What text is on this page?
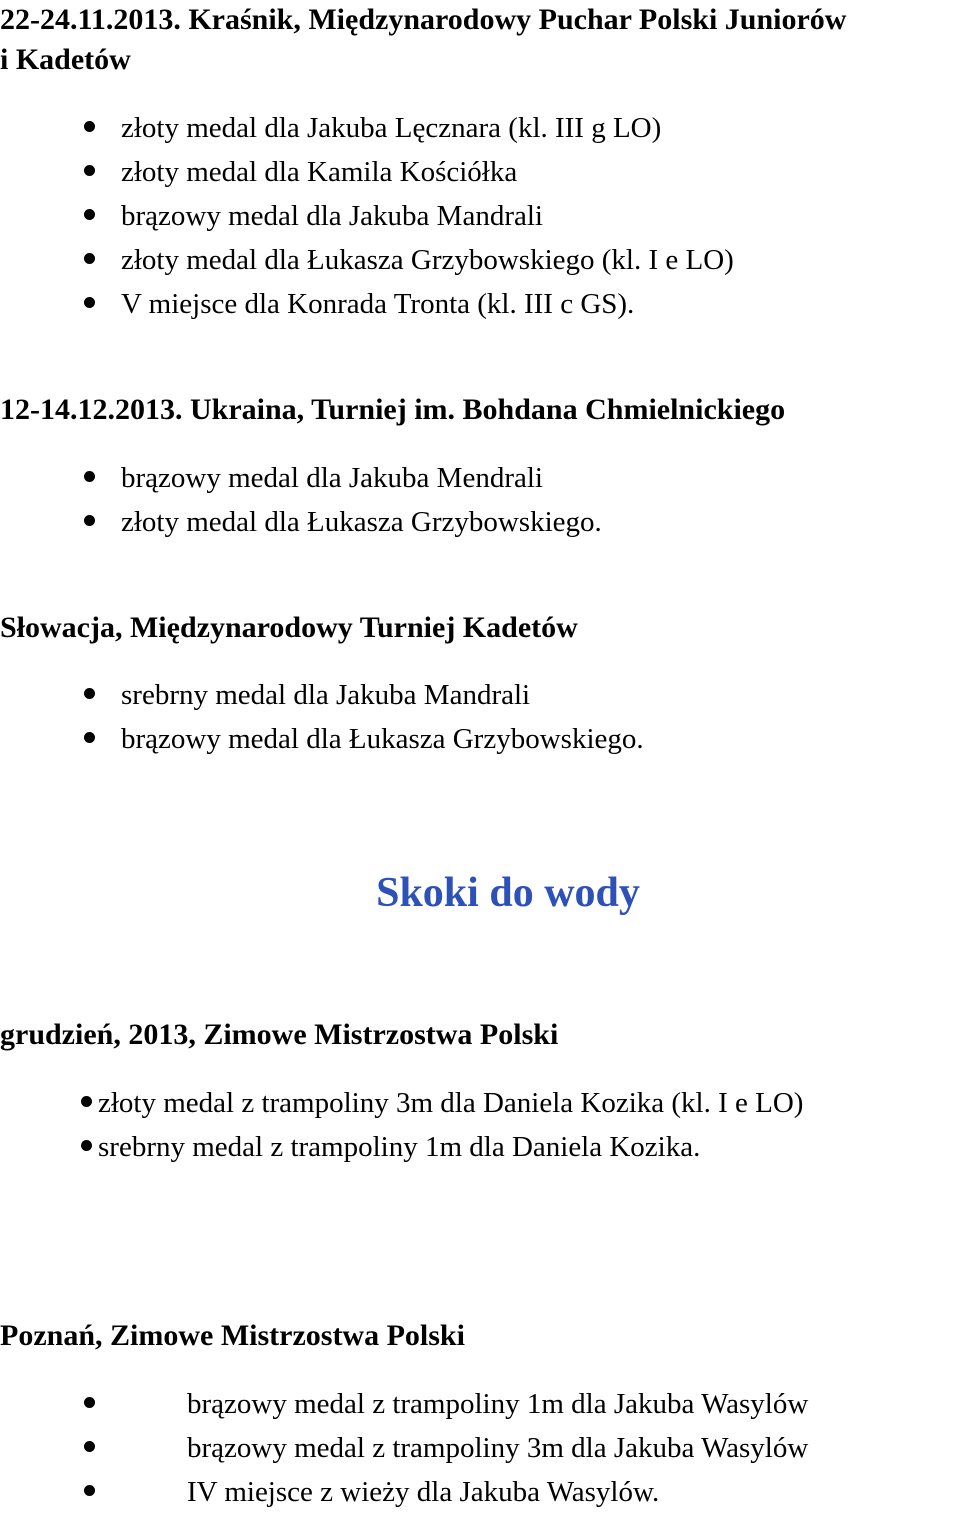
22-24.11.2013. Kraśnik, Międzynarodowy Puchar Polski Juniorów
i Kadetów
złoty medal dla Jakuba Lęcznara (kl. III g LO)
złoty medal dla Kamila Kościółka
brązowy medal dla Jakuba Mandrali
złoty medal dla Łukasza Grzybowskiego (kl. I e LO)
V miejsce dla Konrada Tronta (kl. III c GS).
12-14.12.2013. Ukraina, Turniej im. Bohdana Chmielnickiego
brązowy medal dla Jakuba Mendrali
złoty medal dla Łukasza Grzybowskiego.
Słowacja, Międzynarodowy Turniej Kadetów
srebrny medal dla Jakuba Mandrali
brązowy medal dla Łukasza Grzybowskiego.
Skoki do wody
grudzień, 2013, Zimowe Mistrzostwa Polski
złoty medal z trampoliny 3m dla Daniela Kozika (kl. I e LO)
srebrny medal z trampoliny 1m dla Daniela Kozika.
Poznań, Zimowe Mistrzostwa Polski
brązowy medal z trampoliny 1m dla Jakuba Wasylów
brązowy medal z trampoliny 3m dla Jakuba Wasylów
IV miejsce z wieży dla Jakuba Wasylów.
